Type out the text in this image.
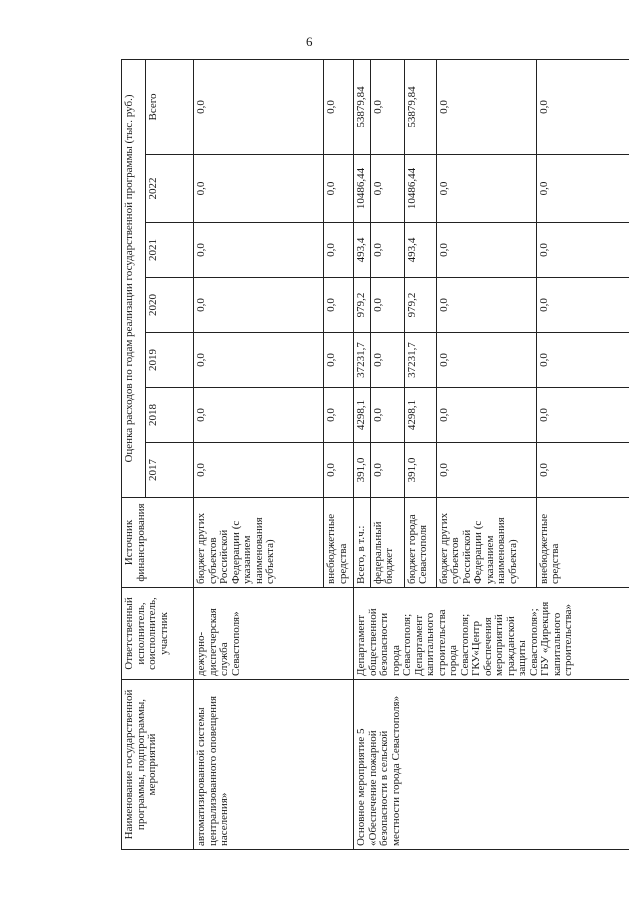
6
Наименование государственной программы, подпрограммы, мероприятий	Ответственный исполнитель, соисполнитель, участник	Источник финансирования	Оценка расходов по годам реализации государственной программы (тыс. руб.)						
			2017	2018	2019	2020	2021	2022	Всего
автоматизированной системы централизованного оповещения населения»	дежурно-диспетчерская служба Севастополя»	бюджет других субъектов Российской Федерации (с указанием наименования субъекта)	0,0	0,0	0,0	0,0	0,0	0,0	0,0
		внебюджетные средства	0,0	0,0	0,0	0,0	0,0	0,0	0,0
Основное мероприятие 5 «Обеспечение пожарной безопасности в сельской местности города Севастополя»	Департамент общественной безопасности города Севастополя; Департамент капитального строительства города Севастополя; ГКУ«Центр обеспечения мероприятий гражданской защиты Севастополя»; ГБУ «Дирекция капитального строительства»	Всего, в т.ч.:	391,0	4298,1	37231,7	979,2	493,4	10486,44	53879,84
		федеральный бюджет	0,0	0,0	0,0	0,0	0,0	0,0	0,0
		бюджет города Севастополя	391,0	4298,1	37231,7	979,2	493,4	10486,44	53879,84
		бюджет других субъектов Российской Федерации (с указанием наименования субъекта)	0,0	0,0	0,0	0,0	0,0	0,0	0,0
		внебюджетные средства	0,0	0,0	0,0	0,0	0,0	0,0	0,0
